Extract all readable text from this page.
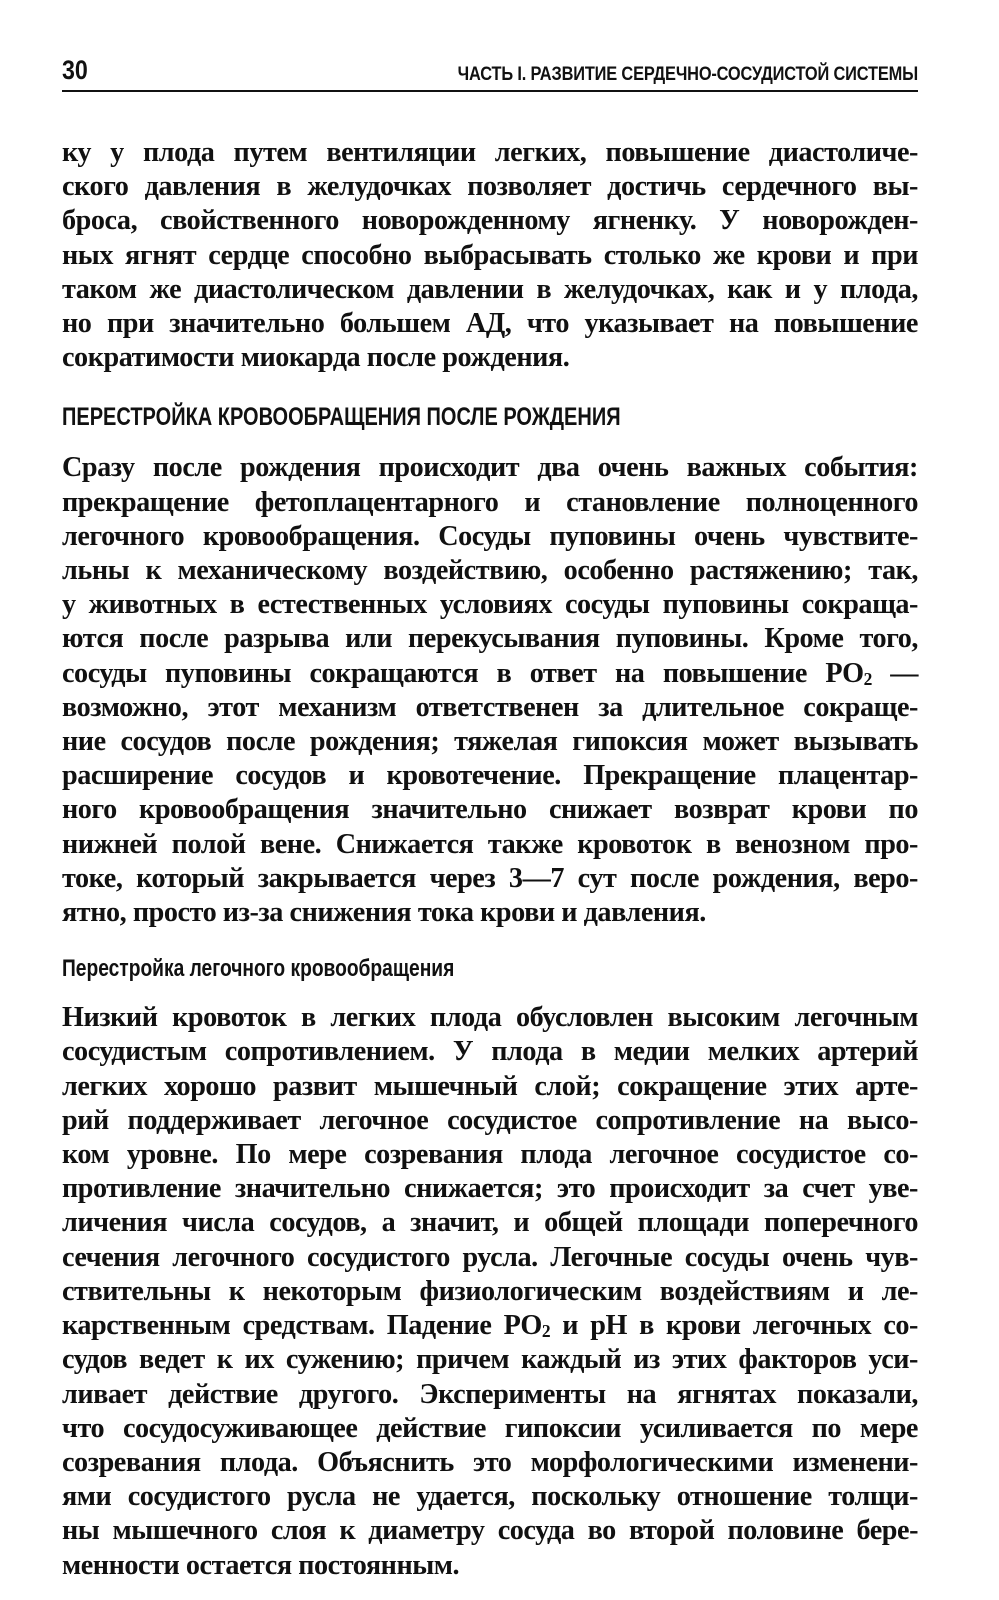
30	ЧАСТЬ I. РАЗВИТИЕ СЕРДЕЧНО-СОСУДИСТОЙ СИСТЕМЫ

ку у плода путем вентиляции легких, повышение диастоличе-
ского давления в желудочках позволяет достичь сердечного вы-
броса, свойственного новорожденному ягненку. У новорожден-
ных ягнят сердце способно выбрасывать столько же крови и при
таком же диастолическом давлении в желудочках, как и у плода,
но при значительно большем АД, что указывает на повышение
сократимости миокарда после рождения.

ПЕРЕСТРОЙКА КРОВООБРАЩЕНИЯ ПОСЛЕ РОЖДЕНИЯ

Сразу после рождения происходит два очень важных события:
прекращение фетоплацентарного и становление полноценного
легочного кровообращения. Сосуды пуповины очень чувствите-
льны к механическому воздействию, особенно растяжению; так,
у животных в естественных условиях сосуды пуповины сокраща-
ются после разрыва или перекусывания пуповины. Кроме того,
сосуды пуповины сокращаются в ответ на повышение $PO_2$ —
возможно, этот механизм ответственен за длительное сокраще-
ние сосудов после рождения; тяжелая гипоксия может вызывать
расширение сосудов и кровотечение. Прекращение плацентар-
ного кровообращения значительно снижает возврат крови по
нижней полой вене. Снижается также кровоток в венозном про-
токе, который закрывается через 3—7 сут после рождения, веро-
ятно, просто из-за снижения тока крови и давления.

Перестройка легочного кровообращения

Низкий кровоток в легких плода обусловлен высоким легочным
сосудистым сопротивлением. У плода в медии мелких артерий
легких хорошо развит мышечный слой; сокращение этих арте-
рий поддерживает легочное сосудистое сопротивление на высо-
ком уровне. По мере созревания плода легочное сосудистое со-
противление значительно снижается; это происходит за счет уве-
личения числа сосудов, а значит, и общей площади поперечного
сечения легочного сосудистого русла. Легочные сосуды очень чув-
ствительны к некоторым физиологическим воздействиям и ле-
карственным средствам. Падение $PO_2$ и pH в крови легочных со-
судов ведет к их сужению; причем каждый из этих факторов уси-
ливает действие другого. Эксперименты на ягнятах показали,
что сосудосуживающее действие гипоксии усиливается по мере
созревания плода. Объяснить это морфологическими изменени-
ями сосудистого русла не удается, поскольку отношение толщи-
ны мышечного слоя к диаметру сосуда во второй половине бере-
менности остается постоянным.
